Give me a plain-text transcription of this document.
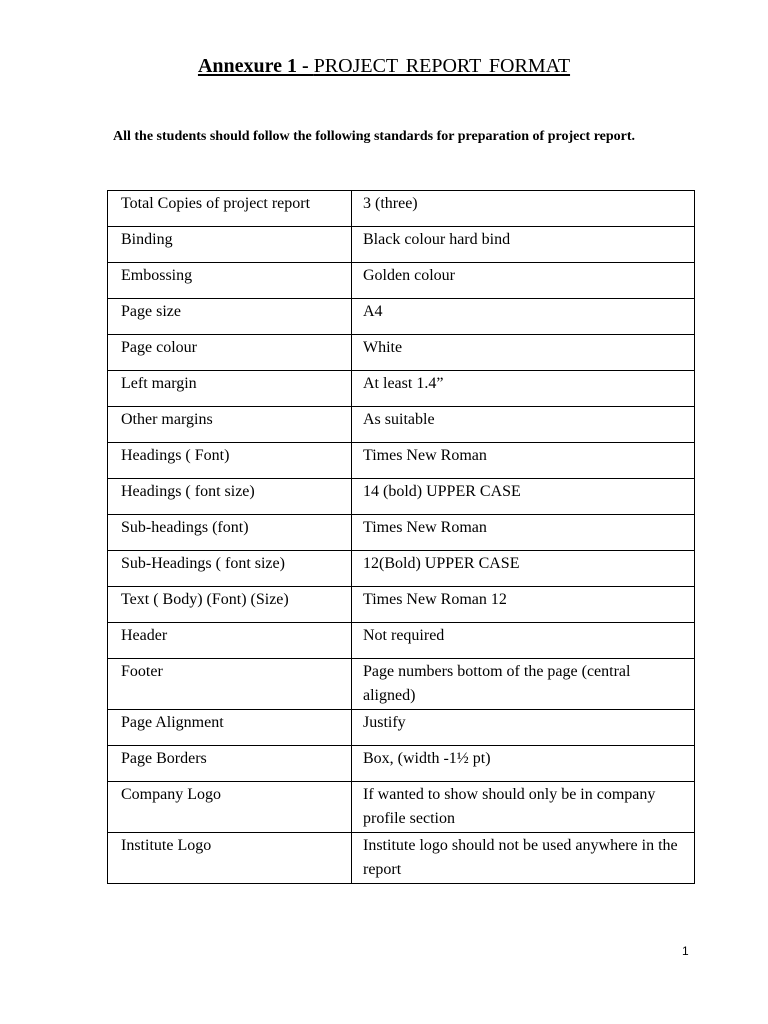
Annexure 1 - PROJECT REPORT FORMAT
All the students should follow the following standards for preparation of project report.
Total Copies of project report	3 (three)
Binding	Black colour hard bind
Embossing	Golden colour
Page size	A4
Page colour	White
Left margin	At least 1.4”
Other margins	As suitable
Headings ( Font)	Times New Roman
Headings ( font size)	14 (bold) UPPER CASE
Sub-headings (font)	Times New Roman
Sub-Headings ( font size)	12(Bold) UPPER CASE
Text ( Body) (Font) (Size)	Times New Roman 12
Header	Not required
Footer	Page numbers bottom of the page (central aligned)
Page Alignment	Justify
Page Borders	Box, (width -1½ pt)
Company Logo	If wanted to show should only be in company profile section
Institute Logo	Institute logo should not be used anywhere in the report
1
